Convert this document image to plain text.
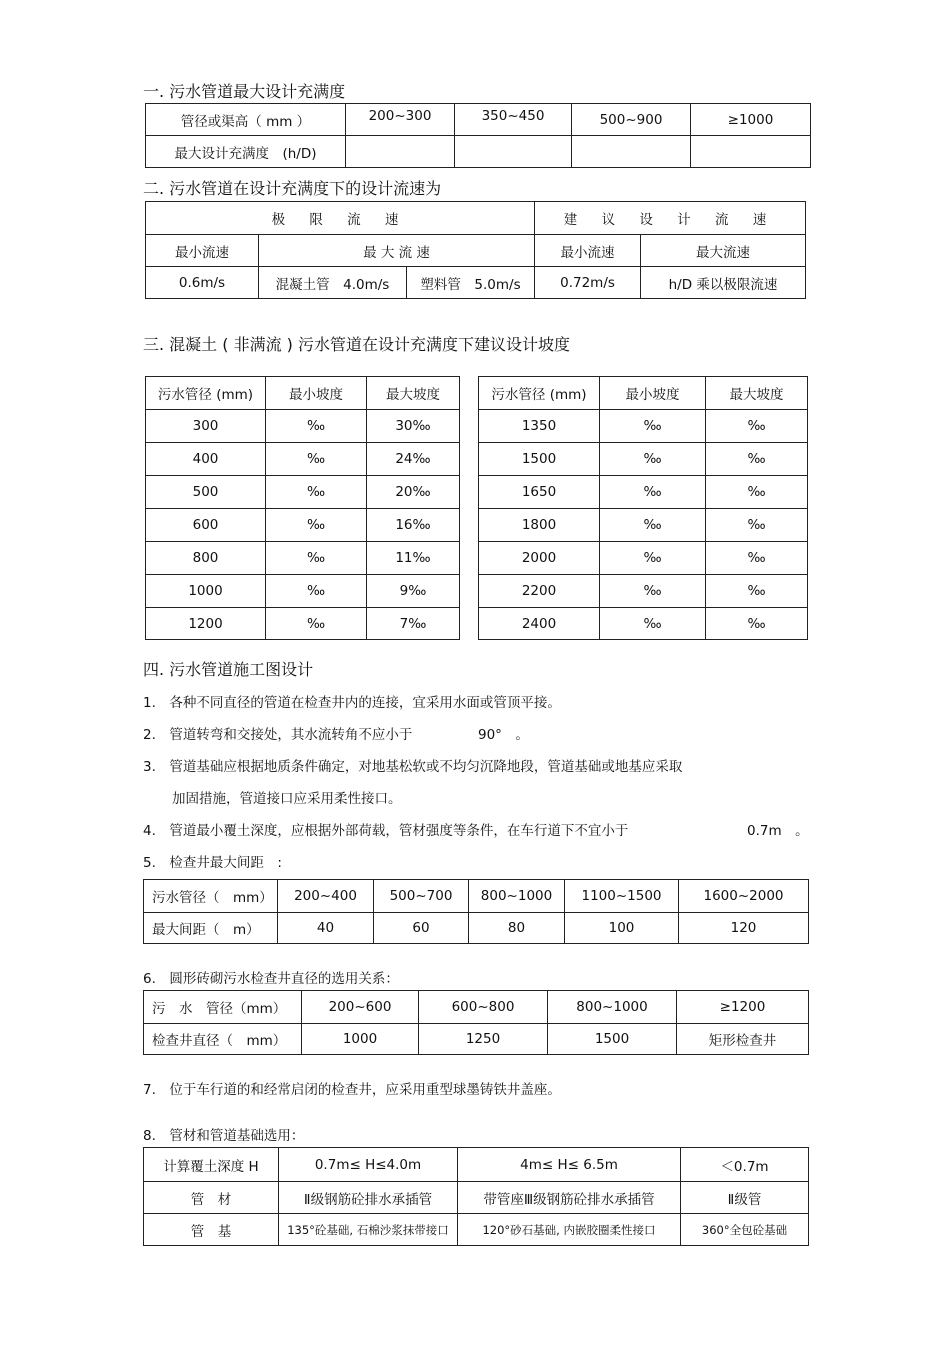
一. 污水管道最大设计充满度
管径或渠高（ mm ）	200~300	350~450	500~900	≥1000
最大设计充满度　(h/D)				
二. 污水管道在设计充满度下的设计流速为
极 限 流 速			建 议 设 计 流 速	
最小流速	最 大 流 速		最小流速	最大流速
0.6m/s	混凝土管　4.0m/s	塑料管　5.0m/s	0.72m/s	h/D 乘以极限流速
三. 混凝土 ( 非满流 ) 污水管道在设计充满度下建议设计坡度
污水管径 (mm)	最小坡度	最大坡度		污水管径 (mm)	最小坡度	最大坡度
300	‰	30‰		1350	‰	‰
400	‰	24‰		1500	‰	‰
500	‰	20‰		1650	‰	‰
600	‰	16‰		1800	‰	‰
800	‰	11‰		2000	‰	‰
1000	‰	9‰		2200	‰	‰
1200	‰	7‰		2400	‰	‰
四. 污水管道施工图设计
1.　各种不同直径的管道在检查井内的连接，宜采用水面或管顶平接。
2.　管道转弯和交接处，其水流转角不应小于	90°　。
3.　管道基础应根据地质条件确定，对地基松软或不均匀沉降地段，管道基础或地基应采取
加固措施，管道接口应采用柔性接口。
4.　管道最小覆土深度，应根据外部荷载，管材强度等条件，在车行道下不宜小于	0.7m　。
5.　检查井最大间距　:
污水管径（　mm）	200~400	500~700	800~1000	1100~1500	1600~2000
最大间距（　m）	40	60	80	100	120
6.　圆形砖砌污水检查井直径的选用关系：
污　水　管径（mm）	200~600	600~800	800~1000	≥1200
检查井直径（　mm）	1000	1250	1500	矩形检查井
7.　位于车行道的和经常启闭的检查井，应采用重型球墨铸铁井盖座。
8.　管材和管道基础选用：
计算覆土深度 H	0.7m≤ H≤4.0m	4m≤ H≤ 6.5m	＜0.7m
管　材	Ⅱ级钢筋砼排水承插管	带管座Ⅲ级钢筋砼排水承插管	Ⅱ级管
管　基	135°砼基础, 石棉沙浆抹带接口	120°砂石基础, 内嵌胶圈柔性接口	360°全包砼基础
